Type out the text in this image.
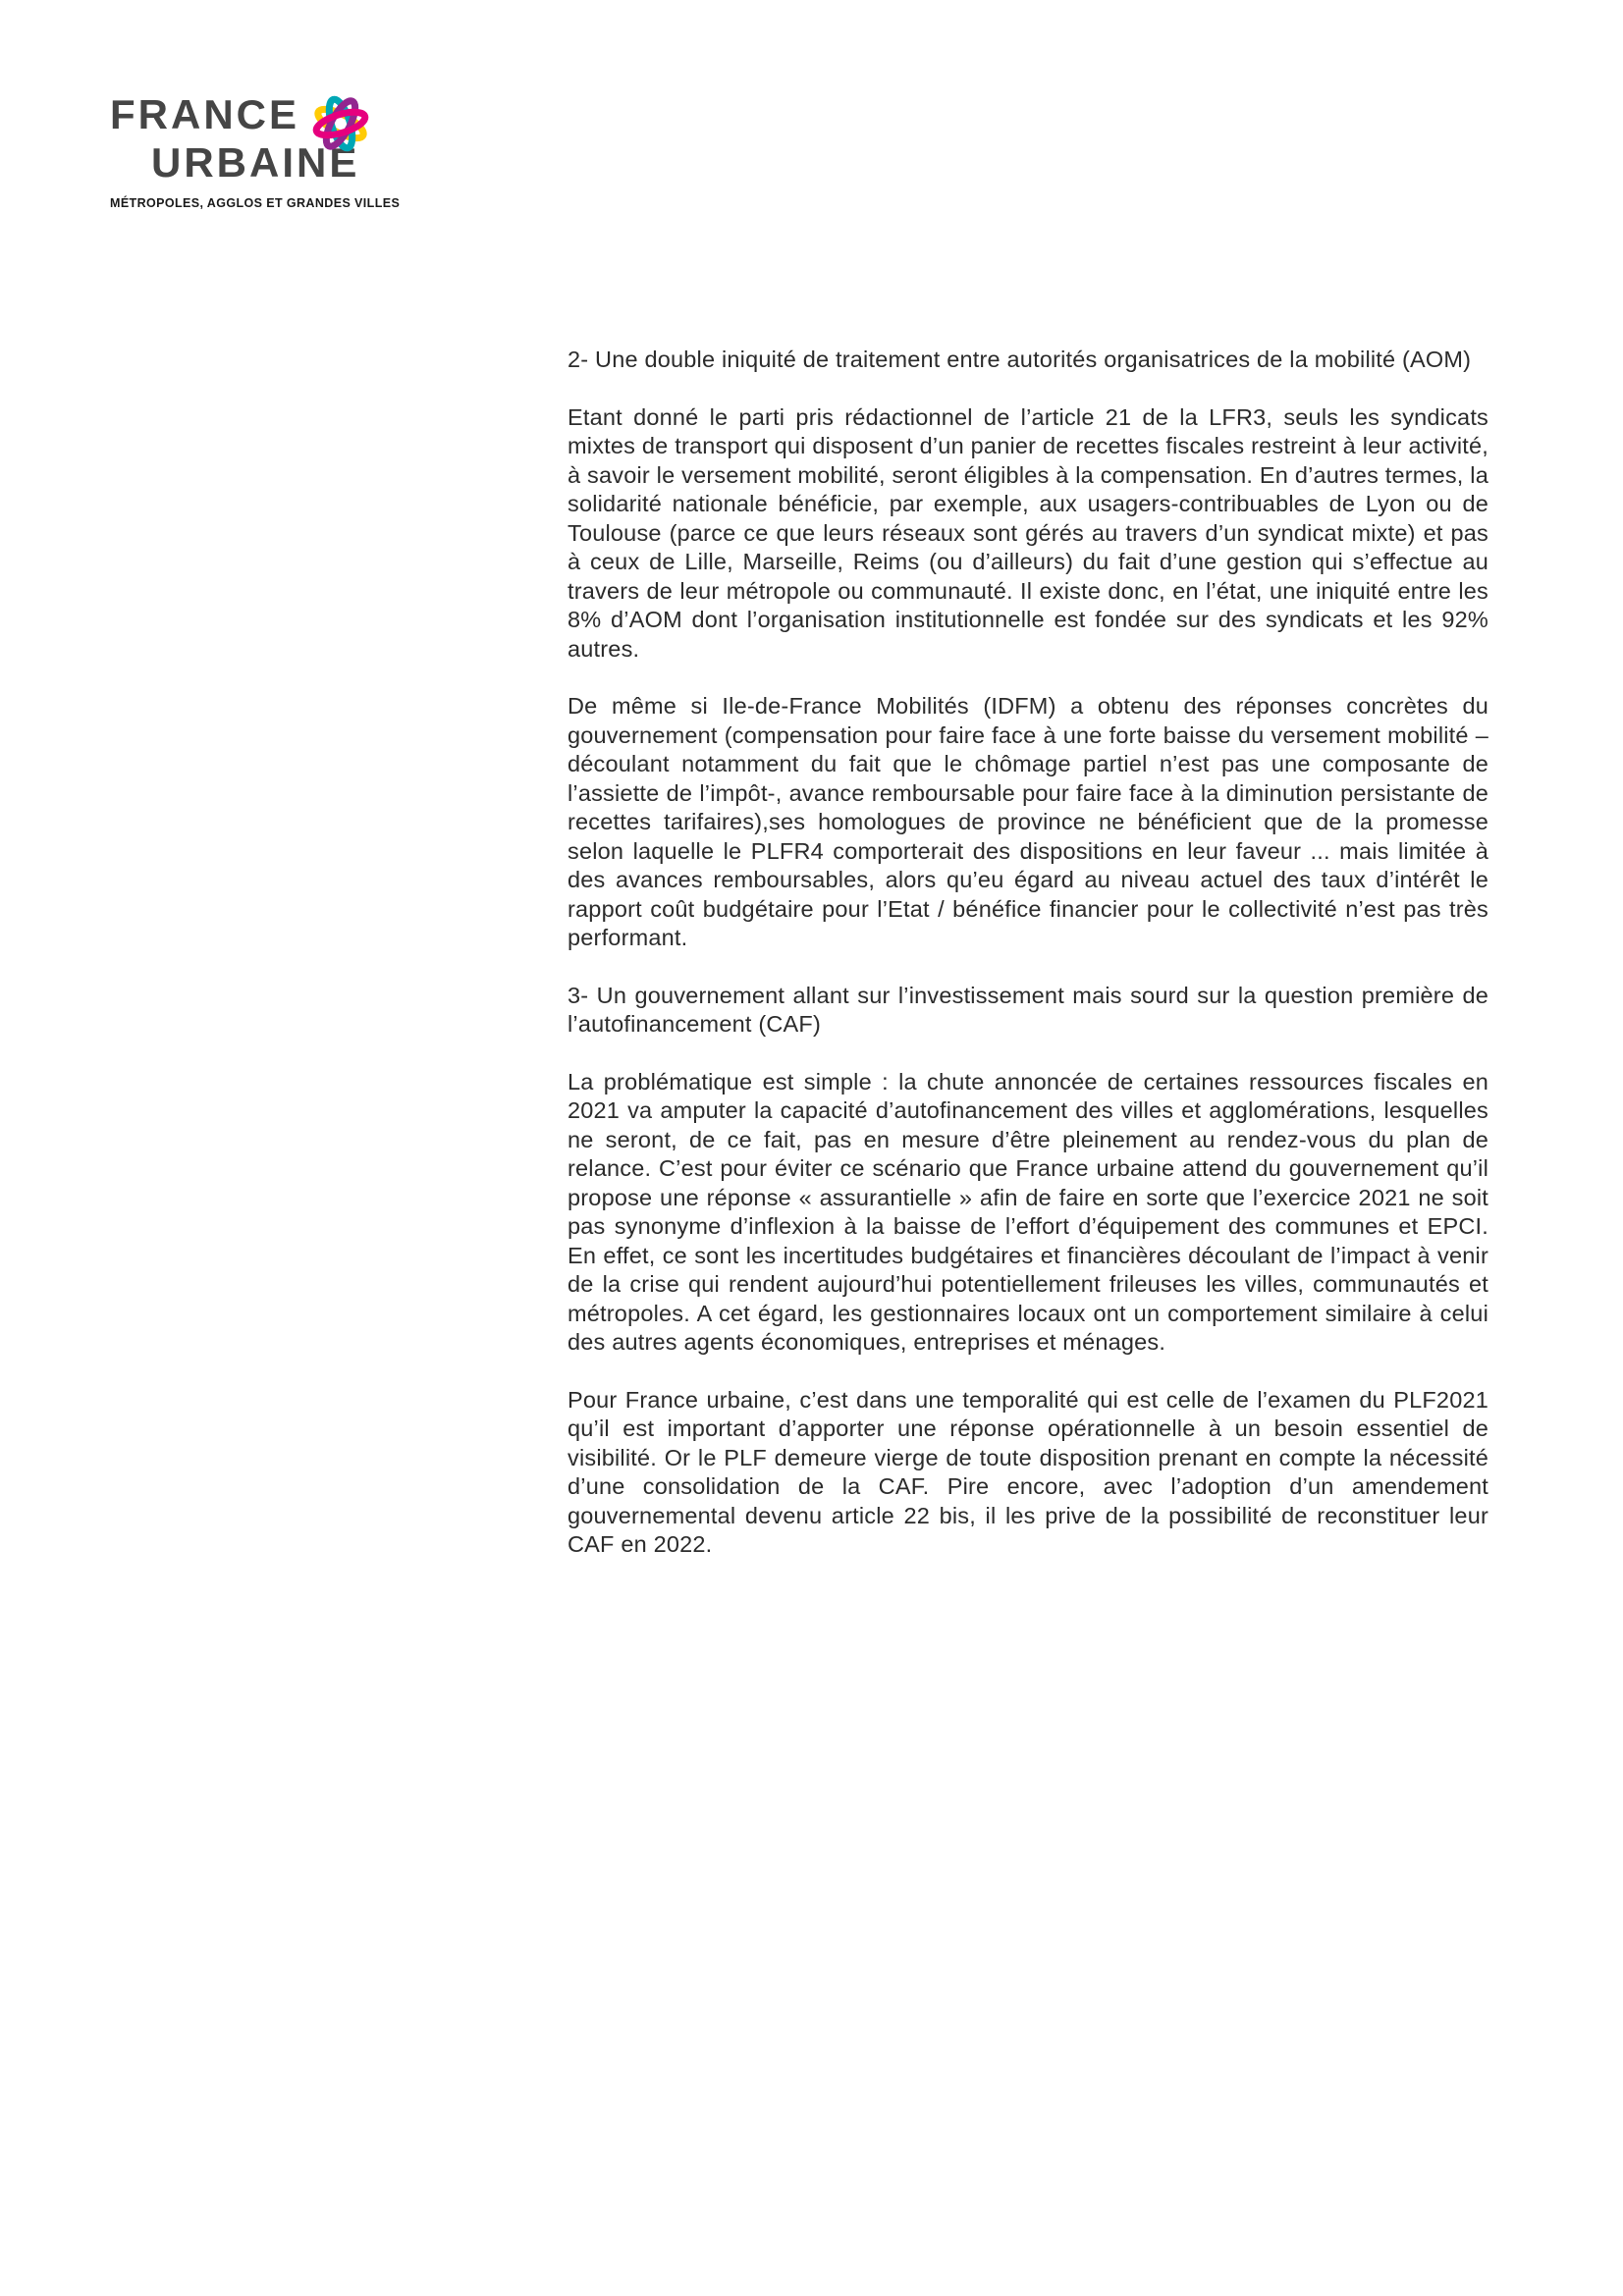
FRANCE
URBAINE
MÉTROPOLES, AGGLOS ET GRANDES VILLES

2- Une double iniquité de traitement entre autorités organisatrices de la mobilité (AOM)

Etant donné le parti pris rédactionnel de l’article 21 de la LFR3, seuls les syndicats mixtes de transport qui disposent d’un panier de recettes fiscales restreint à leur activité, à savoir le versement mobilité, seront éligibles à la compensation. En d’autres termes, la solidarité nationale bénéficie, par exemple, aux usagers-contribuables de Lyon ou de Toulouse (parce ce que leurs réseaux sont gérés au travers d’un syndicat mixte) et pas à ceux de Lille, Marseille, Reims (ou d’ailleurs) du fait d’une gestion qui s’effectue au travers de leur métropole ou communauté. Il existe donc, en l’état, une iniquité entre les 8% d’AOM dont l’organisation institutionnelle est fondée sur des syndicats et les 92% autres.

De même si Ile-de-France Mobilités (IDFM) a obtenu des réponses concrètes du gouvernement (compensation pour faire face à une forte baisse du versement mobilité –découlant notamment du fait que le chômage partiel n’est pas une composante de l’assiette de l’impôt-, avance remboursable pour faire face à la diminution persistante de recettes tarifaires),ses homologues de province ne bénéficient que de la promesse selon laquelle le PLFR4 comporterait des dispositions en leur faveur ... mais limitée à des avances remboursables, alors qu’eu égard au niveau actuel des taux d’intérêt le rapport coût budgétaire pour l’Etat / bénéfice financier pour le collectivité n’est pas très performant.

3- Un gouvernement allant sur l’investissement mais sourd sur la question première de l’autofinancement (CAF)

La problématique est simple : la chute annoncée de certaines ressources fiscales en 2021 va amputer la capacité d’autofinancement des villes et agglomérations, lesquelles ne seront, de ce fait, pas en mesure d’être pleinement au rendez-vous du plan de relance. C’est pour éviter ce scénario que France urbaine attend du gouvernement qu’il propose une réponse « assurantielle » afin de faire en sorte que l’exercice 2021 ne soit pas synonyme d’inflexion à la baisse de l’effort d’équipement des communes et EPCI. En effet, ce sont les incertitudes budgétaires et financières découlant de l’impact à venir de la crise qui rendent aujourd’hui potentiellement frileuses les villes, communautés et métropoles. A cet égard, les gestionnaires locaux ont un comportement similaire à celui des autres agents économiques, entreprises et ménages.

Pour France urbaine, c’est dans une temporalité qui est celle de l’examen du PLF2021 qu’il est important d’apporter une réponse opérationnelle à un besoin essentiel de visibilité. Or le PLF demeure vierge de toute disposition prenant en compte la nécessité d’une consolidation de la CAF. Pire encore, avec l’adoption d’un amendement gouvernemental devenu article 22 bis, il les prive de la possibilité de reconstituer leur CAF en 2022.
